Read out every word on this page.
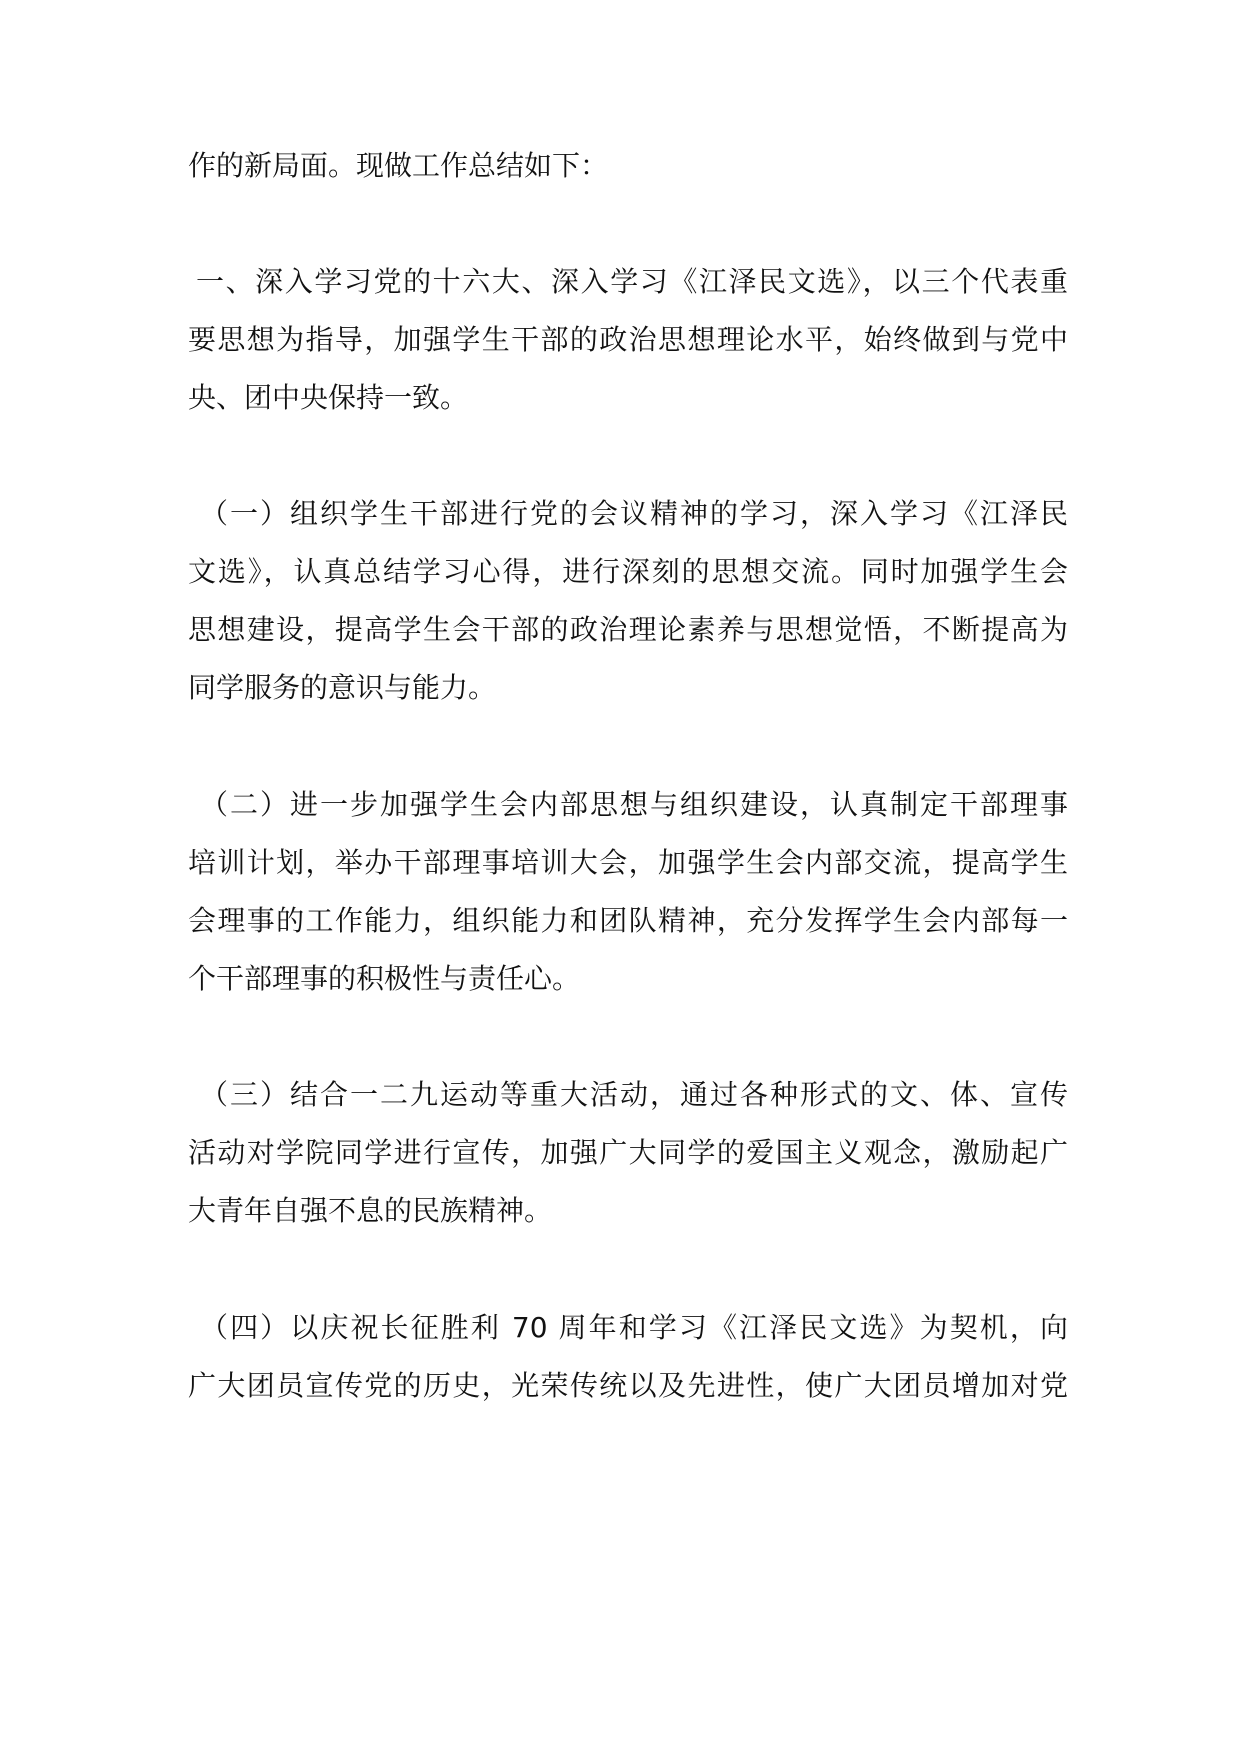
作的新局面。现做工作总结如下：
一、深入学习党的十六大、深入学习《江泽民文选》，以三个代表重
要思想为指导，加强学生干部的政治思想理论水平，始终做到与党中
央、团中央保持一致。
（一）组织学生干部进行党的会议精神的学习，深入学习《江泽民
文选》，认真总结学习心得，进行深刻的思想交流。同时加强学生会
思想建设，提高学生会干部的政治理论素养与思想觉悟，不断提高为
同学服务的意识与能力。
（二）进一步加强学生会内部思想与组织建设，认真制定干部理事
培训计划，举办干部理事培训大会，加强学生会内部交流，提高学生
会理事的工作能力，组织能力和团队精神，充分发挥学生会内部每一
个干部理事的积极性与责任心。
（三）结合一二九运动等重大活动，通过各种形式的文、体、宣传
活动对学院同学进行宣传，加强广大同学的爱国主义观念，激励起广
大青年自强不息的民族精神。
（四）以庆祝长征胜利 70 周年和学习《江泽民文选》为契机，向
广大团员宣传党的历史，光荣传统以及先进性，使广大团员增加对党
